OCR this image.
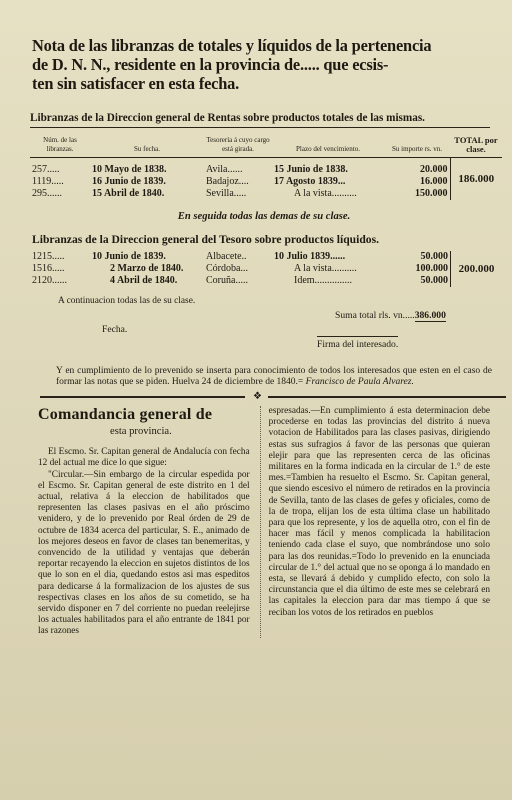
Nota de las libranzas de totales y líquidos de la pertenencia
de D. N. N., residente en la provincia de..... que ecsis-
ten sin satisfacer en esta fecha.
Libranzas de la Direccion general de Rentas sobre productos totales de las mismas.
Núm. de las libranzas.	Su fecha.	Tesorería á cuyo cargo está girada.	Plazo del vencimiento.	Su importe rs. vn.	TOTAL por clase.
257.....	10 Mayo de 1838.	Avila......	15 Junio de 1838.	20.000	186.000
1119.....	16 Junio de 1839.	Badajoz....	17 Agosto 1839...	16.000	
295......	15 Abril de 1840.	Sevilla.....	A la vista..........	150.000	
En seguida todas las demas de su clase.
Libranzas de la Direccion general del Tesoro sobre productos líquidos.
1215.....	10 Junio de 1839.	Albacete..	10 Julio 1839......	50.000	200.000
1516.....	2 Marzo de 1840.	Córdoba...	A la vista..........	100.000	
2120......	4 Abril de 1840.	Coruña.....	Idem...............	50.000	
A continuacion todas las de su clase.
Fecha.
Suma total rls. vn.....386.000
Firma del interesado.
Y en cumplimiento de lo prevenido se inserta para conocimiento de todos los interesados que esten en el caso de formar las notas que se piden. Huelva 24 de diciembre de 1840.= Francisco de Paula Alvarez.
❖
Comandancia general de
esta provincia.

El Escmo. Sr. Capitan general de Andalucía con fecha 12 del actual me dice lo que sigue:

"Circular.—Sin embargo de la circular espedida por el Escmo. Sr. Capitan general de este distrito en 1 del actual, relativa á la eleccion de habilitados que representen las clases pasivas en el año próscimo venidero, y de lo prevenido por Real órden de 29 de octubre de 1834 acerca del particular, S. E., animado de los mejores deseos en favor de clases tan benemeritas, y convencido de la utilidad y ventajas que deberán reportar recayendo la eleccion en sujetos distintos de los que lo son en el dia, quedando estos asi mas espeditos para dedicarse á la formalizacion de los ajustes de sus respectivas clases en los años de su cometido, se ha servido disponer en 7 del corriente no puedan reelejirse los actuales habilitados para el año entrante de 1841 por las razones

espresadas.—En cumplimiento á esta determinacion debe procederse en todas las provincias del distrito á nueva votacion de Habilitados para las clases pasivas, dirigiendo estas sus sufragios á favor de las personas que quieran elejir para que las representen cerca de las oficinas militares en la forma indicada en la circular de 1.° de este mes.=Tambien ha resuelto el Escmo. Sr. Capitan general, que siendo escesivo el número de retirados en la provincia de Sevilla, tanto de las clases de gefes y oficiales, como de la de tropa, elijan los de esta última clase un habilitado para que los represente, y los de aquella otro, con el fin de hacer mas fácil y menos complicada la habilitacion teniendo cada clase el suyo, que nombrándose uno solo para las dos reunidas.=Todo lo prevenido en la enunciada circular de 1.° del actual que no se oponga á lo mandado en esta, se llevará á debido y cumplido efecto, con solo la circunstancia que el dia último de este mes se celebrará en las capitales la eleccion para dar mas tiempo á que se reciban los votos de los retirados en pueblos
